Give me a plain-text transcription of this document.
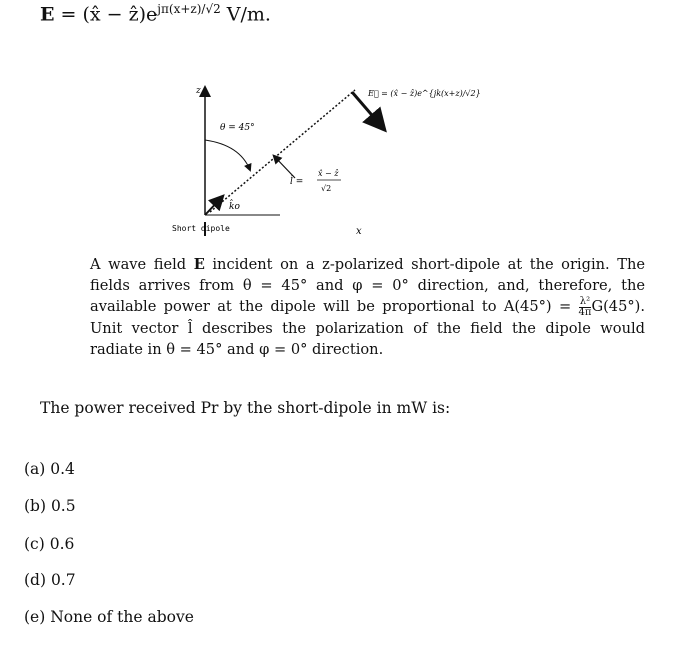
E = (x̂ − $ẑ)e^{j\pi(x+z)/√2}$ V/m.
z
x
θ = 45°
k̂o
E⃗ = (x̂ − ẑ)e^{jk(x+z)/√2}
l̂ =
x̂ − ẑ
√2
Short dipole
A wave field E incident on a z-polarized short-dipole at the origin. The fields arrives from θ = 45° and φ = 0° direction, and, therefore, the available power at the dipole will be proportional to $A(45^\circ) = \frac{\text{λ²}}{4\pi} G(45^\circ)$. Unit vector l̂ describes the polarization of the field the dipole would radiate in θ = 45° and φ = 0° direction.
The power received Pr by the short-dipole in mW is:
(a) 0.4
(b) 0.5
(c) 0.6
(d) 0.7
(e) None of the above
